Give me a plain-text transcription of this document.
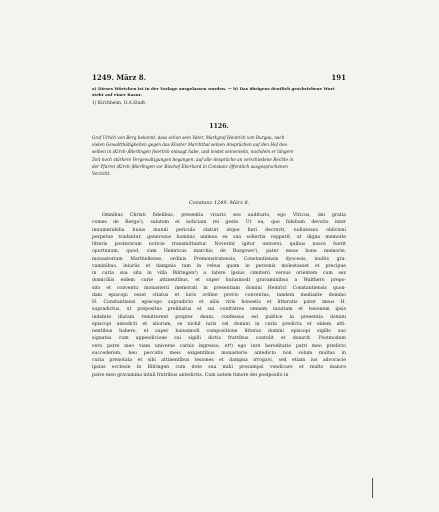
1249. März 8.	191
a) Dieses Wörtchen ist in der Vorlage ausgelassen worden. — b) Das übrigens deutlich geschriebene Wort steht auf einer Rasur.
1) Kirchheim, O.A.Stadt.
1126.
Graf Ulrich von Berg bekennt, dass schon sein Vater, Markgraf Heinrich von Burgau, nach
vielen Gewaltthätigkeiten gegen das Kloster Marchthal seinen Ansprüchen auf den Hof des-
selben in (Kirch-)Bierlingen feierlich entsagt habe, und leistet seinerseits, nachdem er längere
Zeit noch stärkere Vergewaltigungen begangen, auf alle Ansprüche an verschiedene Rechte in
der Pfarrei (Kirch-)Bierlingen vor Bischof Eberhard in Constanz öffentlich ausgesprochenen
Verzicht.
Constanz 1249. März 8.
Omnibus Christi fidelibus, presentia visuris seu audituris, ego Vlricus, dei gratia
comes de Berga¹), salutem et noticiam rei geste. Ut ea, que fidelium devotio inter
innumerabilia huius mundi pericula statuit atque fieri decrevit, nullateaus oblivioni
perpetue tradantur, generosus hominis animus ex sua sollertia repperit, ut digna memorie
litteris posterorum noticie transmittantur. Noverint igitur universi, quibus nosce fuerit
oportunum, quod, cum Heinricus marchio de Burgowe²), pater meus bone memorie,
monasterium Marthellense, ordinis Premonstratensis, Constantiensis dyocesis, multis gra-
vaminibus, iniuriis et dampnis tam in rebus quam in personis molestasset et precipue
in curia sua sita in villa Bilringen³) a latere ipsius cimiterii versus orientem cum sex
domiciliis eidem curie attinentibus, et super huiusmodi gravaminibus a Walthero prepo-
sito et conventu monasterii memorati in presentiam domini Heinrici Constantiensis quon-
dam episcopi esset citatus et iuris ordine previo conventus, tandem mediante domino
H. Constantiensi episcopo supradicto et aliis viris honestis et litteratis pater meus H.
supradictus, ut prepositus prelibatus et sui confratres omnem iniuriam et lesionem ipsis
indebite illatam remitterent propter deum, confessus est publice in presentia domini
episcopi antedicti et aliorum, se nichil iuris vel domini in curia predicta et eidem atti-
nentibus habere, et super huiusmodi compositione litteras domini episcopi sigillo suo
signatas cum appendicione sui sigilli dictis fratribus contulit et donavit. Postmodum
vero patre meo viam universe carnis ingresso, et⁴) ego iure hereditario patri meo predicto
succederem, heu peccatis meis exigentibus monasterio antedicto non solum multas in
curia prenotata et sibi attinentibus lesiones et dampna irrogavi, sed etiam ius advocacie
ipsius ecclesie in Bilringen cum dote sua mihi presumpsi vendicare et multo maiora
patre meo gravamina intuli fratribus antedictis. Cum autem timore dei postposito in
